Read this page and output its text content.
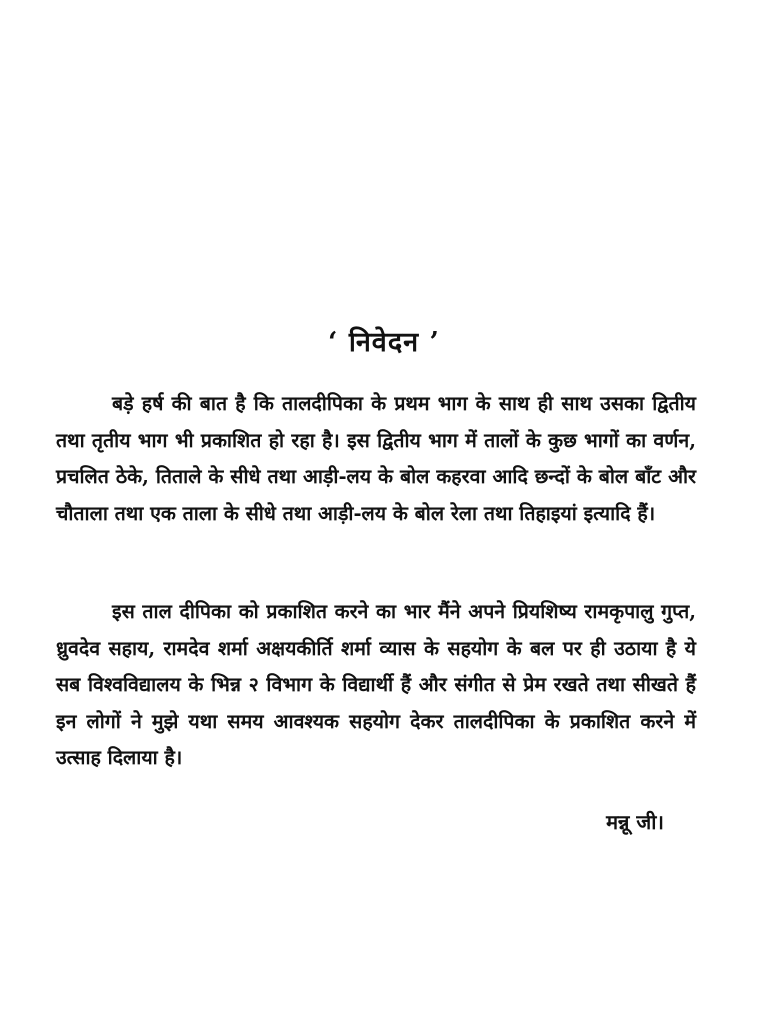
‘ निवेदन ’
बड़े हर्ष की बात है कि तालदीपिका के प्रथम भाग के साथ ही साथ उसका द्वितीय तथा तृतीय भाग भी प्रकाशित हो रहा है। इस द्वितीय भाग में तालों के कुछ भागों का वर्णन, प्रचलित ठेके, तिताले के सीधे तथा आड़ी-लय के बोल कहरवा आदि छन्दों के बोल बाँट और चौताला तथा एक ताला के सीधे तथा आड़ी-लय के बोल रेला तथा तिहाइयां इत्यादि हैं।
इस ताल दीपिका को प्रकाशित करने का भार मैंने अपने प्रियशिष्य रामकृपालु गुप्त, ध्रुवदेव सहाय, रामदेव शर्मा अक्षयकीर्ति शर्मा व्यास के सहयोग के बल पर ही उठाया है ये सब विश्वविद्यालय के भिन्न २ विभाग के विद्यार्थी हैं और संगीत से प्रेम रखते तथा सीखते हैं इन लोगों ने मुझे यथा समय आवश्यक सहयोग देकर तालदीपिका के प्रकाशित करने में उत्साह दिलाया है।
मन्नू जी।
